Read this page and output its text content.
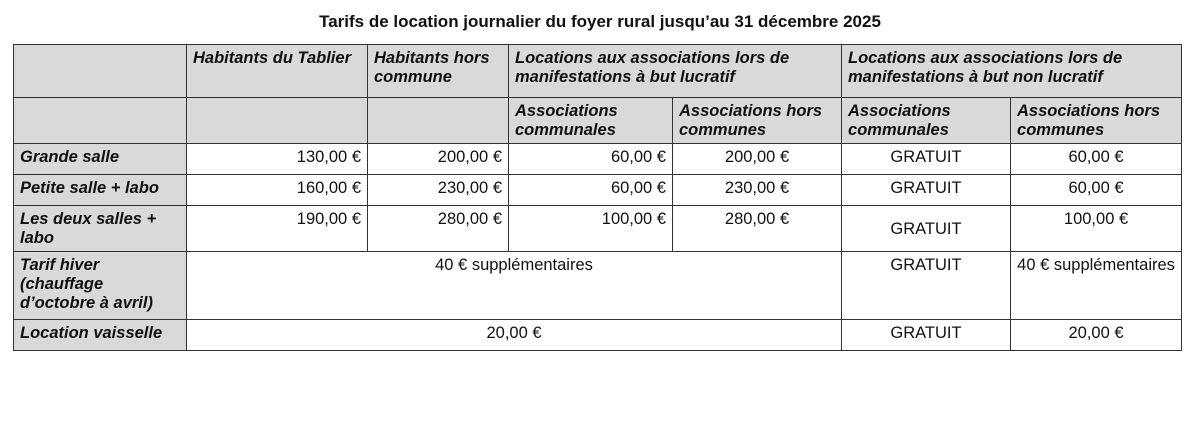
Tarifs de location journalier du foyer rural jusqu’au 31 décembre 2025
	Habitants du Tablier	Habitants hors commune	Locations aux associations lors de manifestations à but lucratif		Locations aux associations lors de manifestations à but non lucratif	
			Associations communales	Associations hors communes	Associations communales	Associations hors communes
Grande salle	130,00 €	200,00 €	60,00 €	200,00 €	GRATUIT	60,00 €
Petite salle + labo	160,00 €	230,00 €	60,00 €	230,00 €	GRATUIT	60,00 €
Les deux salles + labo	190,00 €	280,00 €	100,00 €	280,00 €	GRATUIT	100,00 €
Tarif hiver (chauffage d’octobre à avril)	40 € supplémentaires				GRATUIT	40 € supplémentaires
Location vaisselle	20,00 €				GRATUIT	20,00 €
